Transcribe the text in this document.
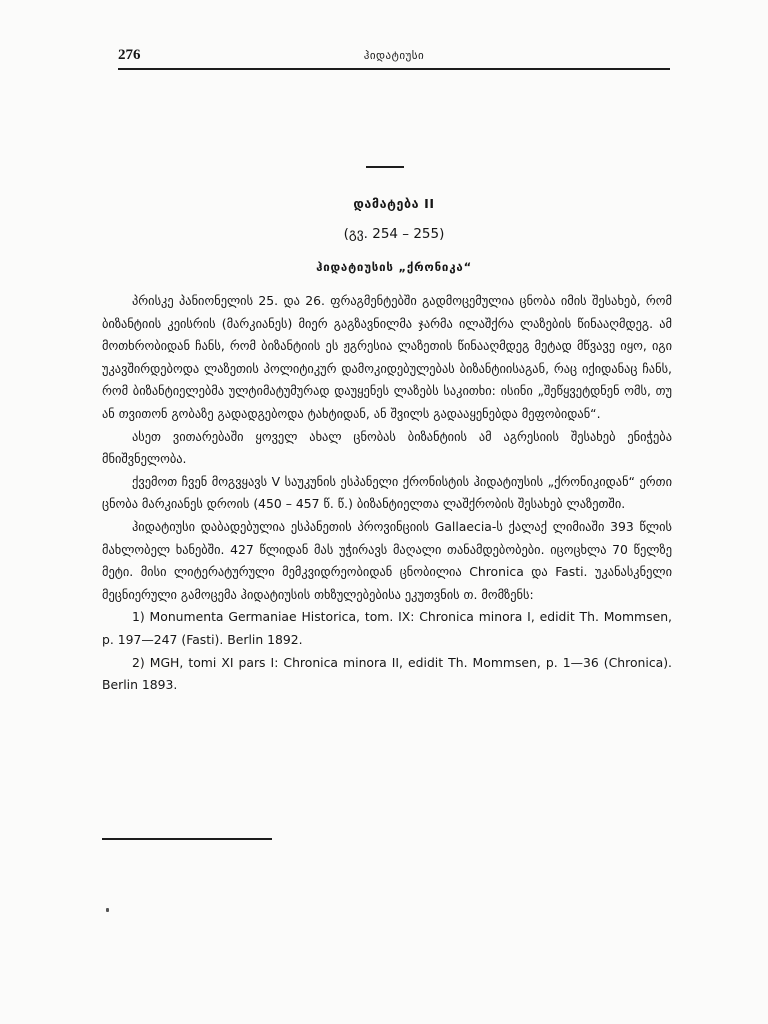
276	ჰიდატიუსი
დამატება II
(გვ. 254 – 255)
ჰიდატიუსის „ქრონიკა“

პრისკე პანიონელის 25. და 26. ფრაგმენტებში გადმოცემულია ცნობა იმის შესახებ, რომ ბიზანტიის კეისრის (მარკიანეს) მიერ გაგზავნილმა ჯარმა ილაშქრა ლაზების წინააღმდეგ. ამ მოთხრობიდან ჩანს, რომ ბიზანტიის ეს ჟგრესია ლაზეთის წინააღმდეგ მეტად მწვავე იყო, იგი უკავშირდებოდა ლაზეთის პოლიტიკურ დამოკიდებულებას ბიზანტიისაგან, რაც იქიდანაც ჩანს, რომ ბიზანტიელებმა ულტიმატუმურად დაუყენეს ლაზებს საკითხი: ისინი „შეწყვეტდნენ ომს, თუ ან თვითონ გობაზე გადადგებოდა ტახტიდან, ან შვილს გადააყენებდა მეფობიდან“.

ასეთ ვითარებაში ყოველ ახალ ცნობას ბიზანტიის ამ აგრესიის შესახებ ენიჭება მნიშვნელობა.

ქვემოთ ჩვენ მოგვყავს V საუკუნის ესპანელი ქრონისტის ჰიდატიუსის „ქრონიკიდან“ ერთი ცნობა მარკიანეს დროის (450 – 457 წ. წ.) ბიზანტიელთა ლაშქრობის შესახებ ლაზეთში.

ჰიდატიუსი დაბადებულია ესპანეთის პროვინციის Gallaecia-ს ქალაქ ლიმიაში 393 წლის მახლობელ ხანებში. 427 წლიდან მას უჭირავს მაღალი თანამდებობები. იცოცხლა 70 წელზე მეტი. მისი ლიტერატურული მემკვიდრეობიდან ცნობილია Chronica და Fasti. უკანასკნელი მეცნიერული გამოცემა ჰიდატიუსის თხზულებებისა ეკუთვნის თ. მომზენს:

1) Monumenta Germaniae Historica, tom. IX: Chronica minora I, edidit Th. Mommsen, p. 197—247 (Fasti). Berlin 1892.

2) MGH, tomi XI pars I: Chronica minora II, edidit Th. Mommsen, p. 1—36 (Chronica). Berlin 1893.
